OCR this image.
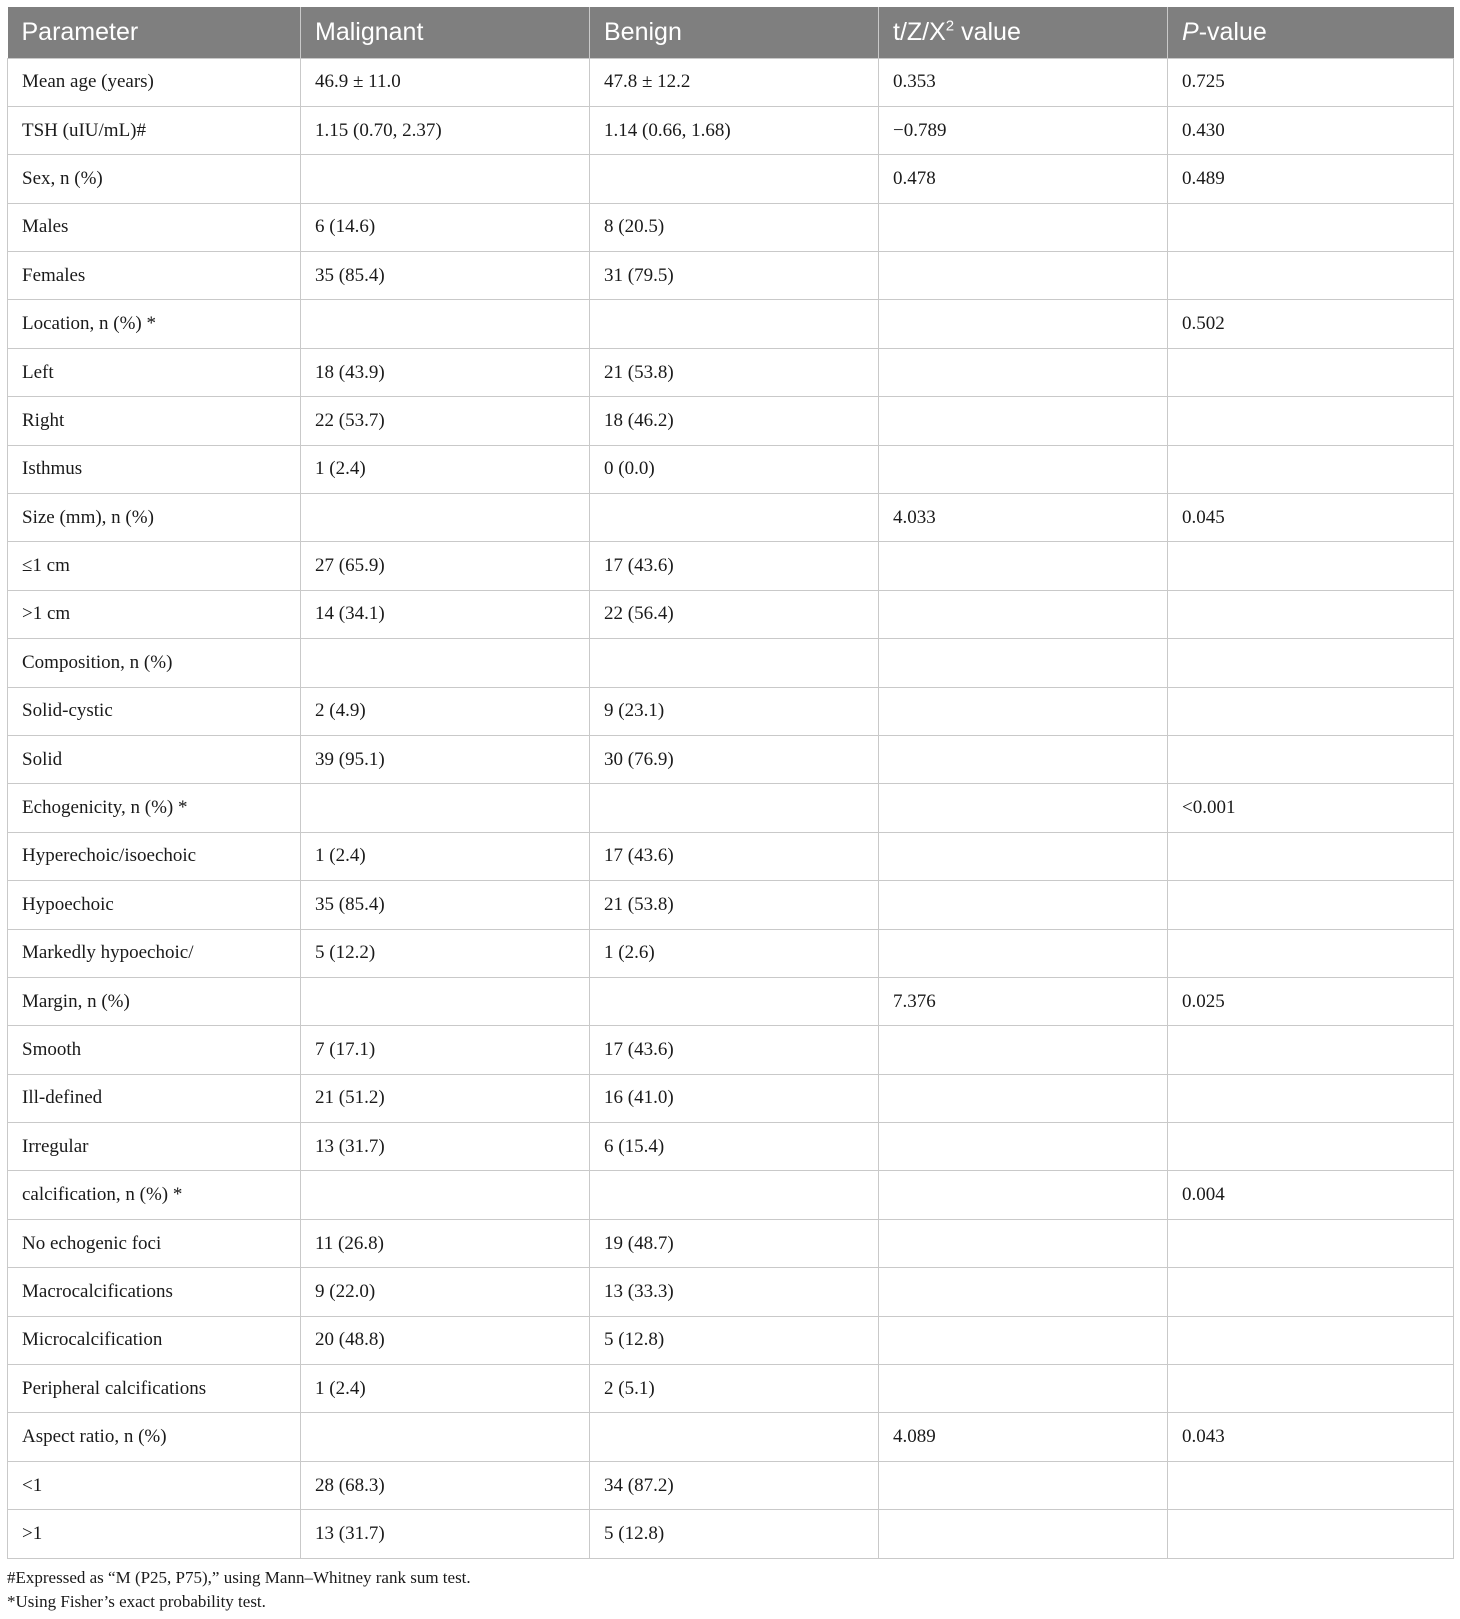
Parameter	Malignant	Benign	$t/Z/X^2$ value	P-value
Mean age (years)	46.9 ± 11.0	47.8 ± 12.2	0.353	0.725
TSH (uIU/mL)#	1.15 (0.70, 2.37)	1.14 (0.66, 1.68)	−0.789	0.430
Sex, n (%)			0.478	0.489
Males	6 (14.6)	8 (20.5)		
Females	35 (85.4)	31 (79.5)		
Location, n (%) *				0.502
Left	18 (43.9)	21 (53.8)		
Right	22 (53.7)	18 (46.2)		
Isthmus	1 (2.4)	0 (0.0)		
Size (mm), n (%)			4.033	0.045
≤1 cm	27 (65.9)	17 (43.6)		
>1 cm	14 (34.1)	22 (56.4)		
Composition, n (%)				
Solid-cystic	2 (4.9)	9 (23.1)		
Solid	39 (95.1)	30 (76.9)		
Echogenicity, n (%) *				<0.001
Hyperechoic/isoechoic	1 (2.4)	17 (43.6)		
Hypoechoic	35 (85.4)	21 (53.8)		
Markedly hypoechoic/	5 (12.2)	1 (2.6)		
Margin, n (%)			7.376	0.025
Smooth	7 (17.1)	17 (43.6)		
Ill-defined	21 (51.2)	16 (41.0)		
Irregular	13 (31.7)	6 (15.4)		
calcification, n (%) *				0.004
No echogenic foci	11 (26.8)	19 (48.7)		
Macrocalcifications	9 (22.0)	13 (33.3)		
Microcalcification	20 (48.8)	5 (12.8)		
Peripheral calcifications	1 (2.4)	2 (5.1)		
Aspect ratio, n (%)			4.089	0.043
<1	28 (68.3)	34 (87.2)		
>1	13 (31.7)	5 (12.8)		
#Expressed as “M (P25, P75),” using Mann–Whitney rank sum test.
*Using Fisher’s exact probability test.
